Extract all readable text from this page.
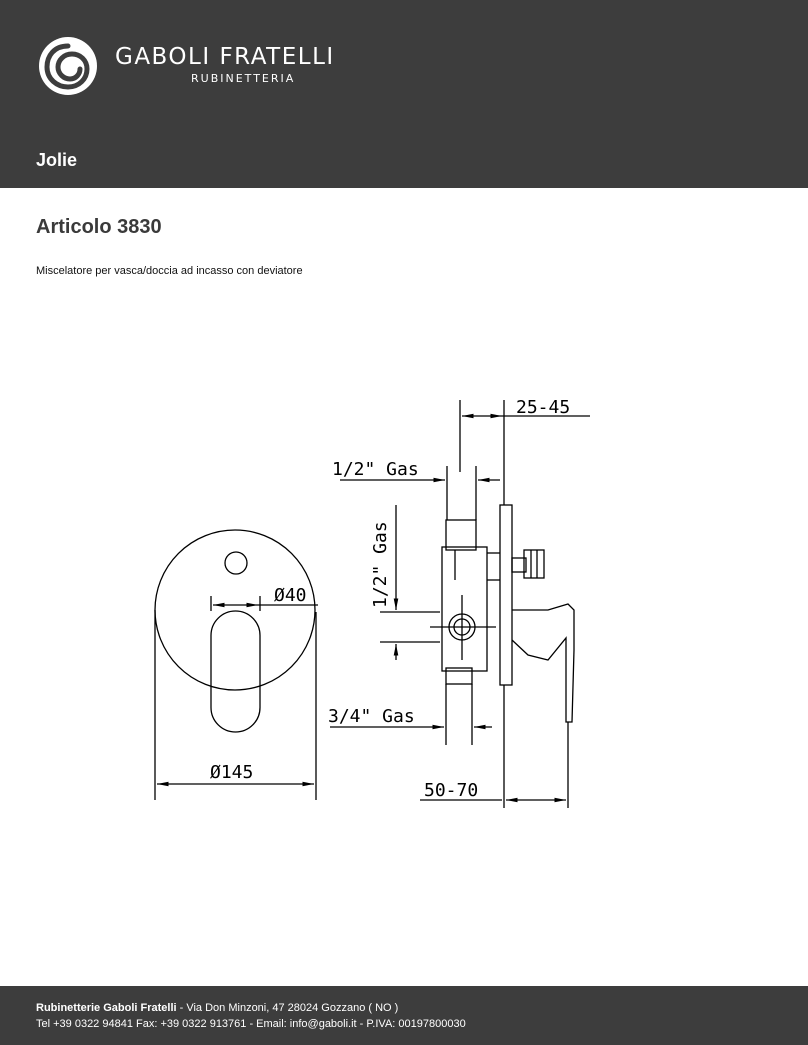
GABOLI FRATELLI
RUBINETTERIA
Jolie
Articolo 3830
Miscelatore per vasca/doccia ad incasso con deviatore
25-45
1/2" Gas
1/2" Gas
Ø40
3/4" Gas
Ø145
50-70
Rubinetterie Gaboli Fratelli - Via Don Minzoni, 47 28024 Gozzano ( NO )
Tel +39 0322 94841 Fax: +39 0322 913761 - Email: info@gaboli.it - P.IVA: 00197800030
